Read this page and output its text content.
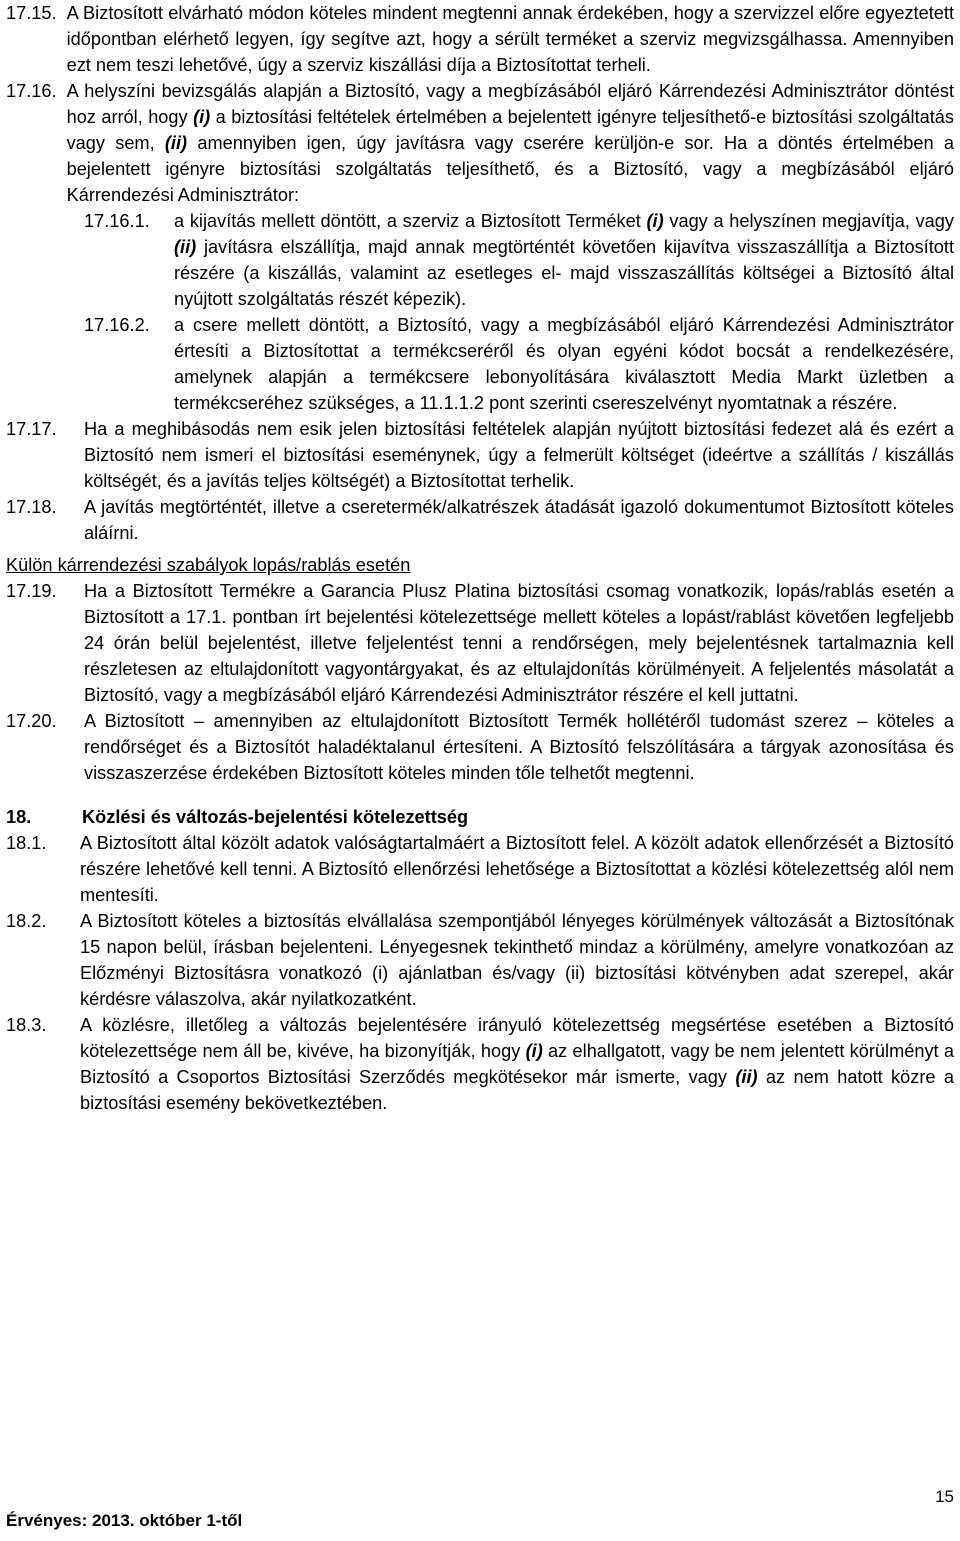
17.15. A Biztosított elvárható módon köteles mindent megtenni annak érdekében, hogy a szervizzel előre egyeztetett időpontban elérhető legyen, így segítve azt, hogy a sérült terméket a szerviz megvizsgálhassa. Amennyiben ezt nem teszi lehetővé, úgy a szerviz kiszállási díja a Biztosítottat terheli.
17.16. A helyszíni bevizsgálás alapján a Biztosító, vagy a megbízásából eljáró Kárrendezési Adminisztrátor döntést hoz arról, hogy (i) a biztosítási feltételek értelmében a bejelentett igényre teljesíthető-e biztosítási szolgáltatás vagy sem, (ii) amennyiben igen, úgy javításra vagy cserére kerüljön-e sor. Ha a döntés értelmében a bejelentett igényre biztosítási szolgáltatás teljesíthető, és a Biztosító, vagy a megbízásából eljáró Kárrendezési Adminisztrátor:
17.16.1.	a kijavítás mellett döntött, a szerviz a Biztosított Terméket (i) vagy a helyszínen megjavítja, vagy (ii) javításra elszállítja, majd annak megtörténtét követően kijavítva visszaszállítja a Biztosított részére (a kiszállás, valamint az esetleges el- majd visszaszállítás költségei a Biztosító által nyújtott szolgáltatás részét képezik).
17.16.2.	a csere mellett döntött, a Biztosító, vagy a megbízásából eljáró Kárrendezési Adminisztrátor értesíti a Biztosítottat a termékcseréről és olyan egyéni kódot bocsát a rendelkezésére, amelynek alapján a termékcsere lebonyolítására kiválasztott Media Markt üzletben a termékcseréhez szükséges, a 11.1.1.2 pont szerinti csereszelvényt nyomtatnak a részére.
17.17.	Ha a meghibásodás nem esik jelen biztosítási feltételek alapján nyújtott biztosítási fedezet alá és ezért a Biztosító nem ismeri el biztosítási eseménynek, úgy a felmerült költséget (ideértve a szállítás / kiszállás költségét, és a javítás teljes költségét) a Biztosítottat terhelik.
17.18.	A javítás megtörténtét, illetve a cseretermék/alkatrészek átadását igazoló dokumentumot Biztosított köteles aláírni.
Külön kárrendezési szabályok lopás/rablás esetén
17.19.	Ha a Biztosított Termékre a Garancia Plusz Platina biztosítási csomag vonatkozik, lopás/rablás esetén a Biztosított a 17.1. pontban írt bejelentési kötelezettsége mellett köteles a lopást/rablást követően legfeljebb 24 órán belül bejelentést, illetve feljelentést tenni a rendőrségen, mely bejelentésnek tartalmaznia kell részletesen az eltulajdonított vagyontárgyakat, és az eltulajdonítás körülményeit. A feljelentés másolatát a Biztosító, vagy a megbízásából eljáró Kárrendezési Adminisztrátor részére el kell juttatni.
17.20.	A Biztosított – amennyiben az eltulajdonított Biztosított Termék hollétéről tudomást szerez – köteles a rendőrséget és a Biztosítót haladéktalanul értesíteni. A Biztosító felszólítására a tárgyak azonosítása és visszaszerzése érdekében Biztosított köteles minden tőle telhetőt megtenni.
18.	Közlési és változás-bejelentési kötelezettség
18.1.	A Biztosított által közölt adatok valóságtartalmáért a Biztosított felel. A közölt adatok ellenőrzését a Biztosító részére lehetővé kell tenni. A Biztosító ellenőrzési lehetősége a Biztosítottat a közlési kötelezettség alól nem mentesíti.
18.2.	A Biztosított köteles a biztosítás elvállalása szempontjából lényeges körülmények változását a Biztosítónak 15 napon belül, írásban bejelenteni. Lényegesnek tekinthető mindaz a körülmény, amelyre vonatkozóan az Előzményi Biztosításra vonatkozó (i) ajánlatban és/vagy (ii) biztosítási kötvényben adat szerepel, akár kérdésre válaszolva, akár nyilatkozatként.
18.3.	A közlésre, illetőleg a változás bejelentésére irányuló kötelezettség megsértése esetében a Biztosító kötelezettsége nem áll be, kivéve, ha bizonyítják, hogy (i) az elhallgatott, vagy be nem jelentett körülményt a Biztosító a Csoportos Biztosítási Szerződés megkötésekor már ismerte, vagy (ii) az nem hatott közre a biztosítási esemény bekövetkeztében.
15
Érvényes: 2013. október 1-től
